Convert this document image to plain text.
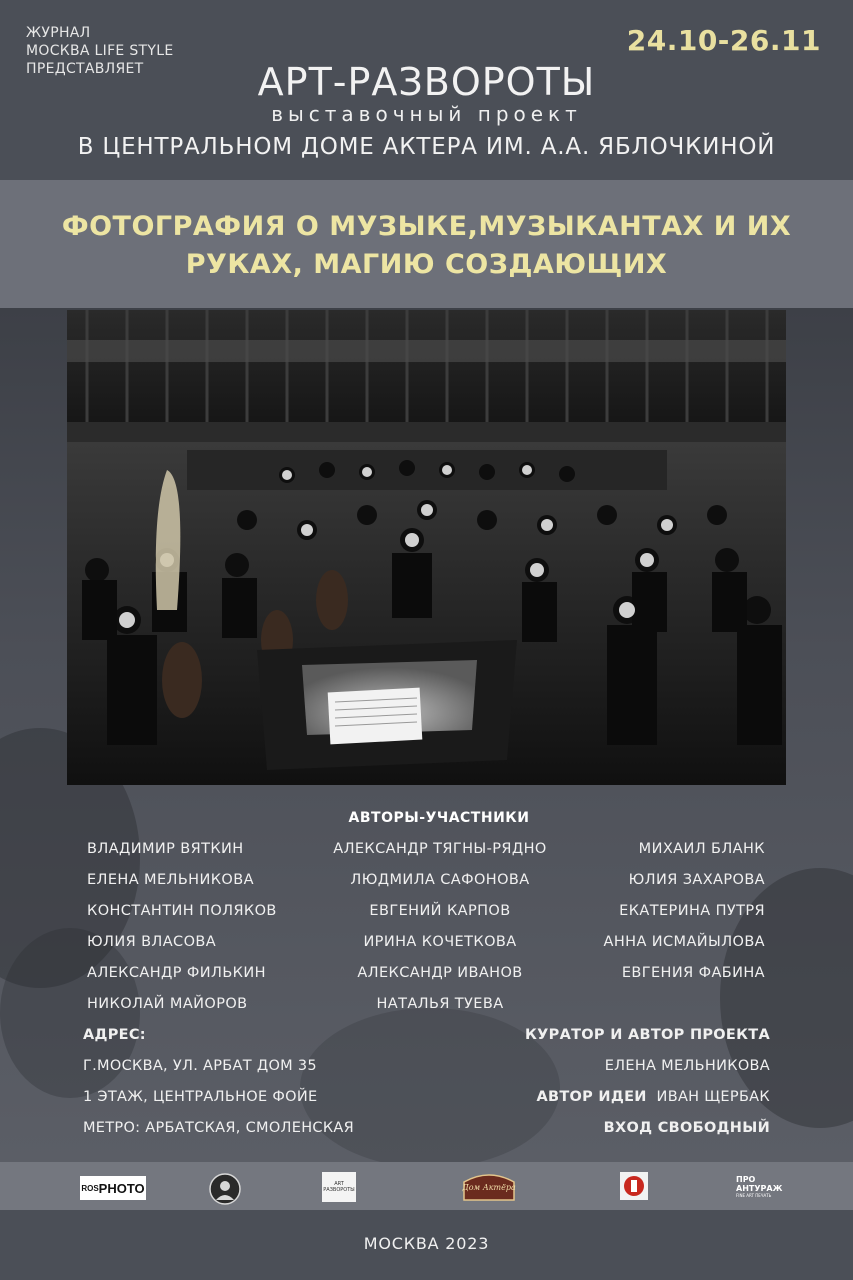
ЖУРНАЛ
МОСКВА LIFE STYLE
ПРЕДСТАВЛЯЕТ
24.10-26.11
АРТ-РАЗВОРОТЫ
выставочный проект
В ЦЕНТРАЛЬНОМ ДОМЕ АКТЕРА ИМ. А.А. ЯБЛОЧКИНОЙ
ФОТОГРАФИЯ О МУЗЫКЕ,МУЗЫКАНТАХ И ИХ
РУКАХ, МАГИЮ СОЗДАЮЩИХ
АВТОРЫ-УЧАСТНИКИ
ВЛАДИМИР ВЯТКИН
ЕЛЕНА МЕЛЬНИКОВА
КОНСТАНТИН ПОЛЯКОВ
ЮЛИЯ ВЛАСОВА
АЛЕКСАНДР ФИЛЬКИН
НИКОЛАЙ МАЙОРОВ
АЛЕКСАНДР ТЯГНЫ-РЯДНО
ЛЮДМИЛА САФОНОВА
ЕВГЕНИЙ КАРПОВ
ИРИНА КОЧЕТКОВА
АЛЕКСАНДР ИВАНОВ
НАТАЛЬЯ ТУЕВА
МИХАИЛ БЛАНК
ЮЛИЯ ЗАХАРОВА
ЕКАТЕРИНА ПУТРЯ
АННА ИСМАЙЫЛОВА
ЕВГЕНИЯ ФАБИНА
АДРЕС:
Г.МОСКВА, УЛ. АРБАТ ДОМ 35
1 ЭТАЖ, ЦЕНТРАЛЬНОЕ ФОЙЕ
МЕТРО: АРБАТСКАЯ, СМОЛЕНСКАЯ
КУРАТОР И АВТОР ПРОЕКТА
ЕЛЕНА МЕЛЬНИКОВА
АВТОР ИДЕИ ИВАН ЩЕРБАК
ВХОД СВОБОДНЫЙ
ROS PHOTO	ART РАЗВОРОТЫ	Дом Актёра
ПРО
АНТУРАЖ
FINE ART ПЕЧАТЬ
МОСКВА 2023
